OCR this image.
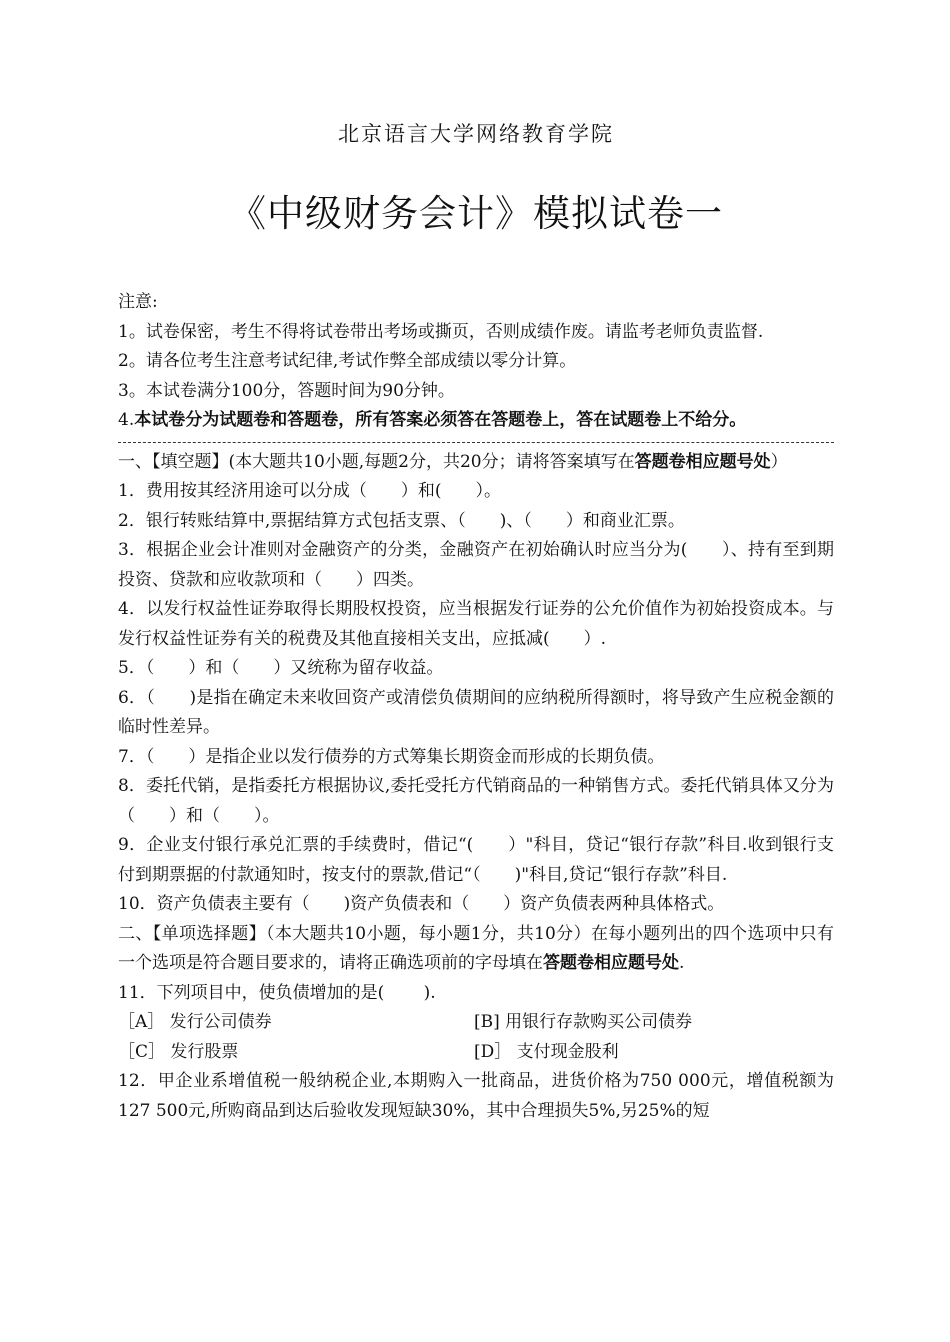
北京语言大学网络教育学院
《中级财务会计》模拟试卷一

注意:

1。试卷保密，考生不得将试卷带出考场或撕页，否则成绩作废。请监考老师负责监督.

2。请各位考生注意考试纪律,考试作弊全部成绩以零分计算。

3。本试卷满分100分，答题时间为90分钟。

4.本试卷分为试题卷和答题卷，所有答案必须答在答题卷上，答在试题卷上不给分。

一、【填空题】(本大题共10小题,每题2分，共20分；请将答案填写在答题卷相应题号处）

1．费用按其经济用途可以分成（　　）和(　　）。

2．银行转账结算中,票据结算方式包括支票、（　　)、（　　）和商业汇票。

3．根据企业会计准则对金融资产的分类，金融资产在初始确认时应当分为(　　）、持有至到期投资、贷款和应收款项和（　　）四类。

4．以发行权益性证券取得长期股权投资，应当根据发行证券的公允价值作为初始投资成本。与发行权益性证券有关的税费及其他直接相关支出，应抵减(　　）.

5．（　　）和（　　）又统称为留存收益。

6．（　　)是指在确定未来收回资产或清偿负债期间的应纳税所得额时，将导致产生应税金额的临时性差异。

7．（　　）是指企业以发行债券的方式筹集长期资金而形成的长期负债。

8．委托代销，是指委托方根据协议,委托受托方代销商品的一种销售方式。委托代销具体又分为（　　）和（　　）。

9．企业支付银行承兑汇票的手续费时，借记“(　　）"科目，贷记“银行存款”科目.收到银行支付到期票据的付款通知时，按支付的票款,借记“（　　)"科目,贷记“银行存款”科目.

10．资产负债表主要有（　　)资产负债表和（　　）资产负债表两种具体格式。

二、【单项选择题】（本大题共10小题，每小题1分，共10分）在每小题列出的四个选项中只有一个选项是符合题目要求的，请将正确选项前的字母填在答题卷相应题号处.

11．下列项目中，使负债增加的是(　　 ).

［A］ 发行公司债券	[B] 用银行存款购买公司债券
［C］ 发行股票	[D］ 支付现金股利

12．甲企业系增值税一般纳税企业,本期购入一批商品，进货价格为750 000元，增值税额为127 500元,所购商品到达后验收发现短缺30%，其中合理损失5%,另25%的短
